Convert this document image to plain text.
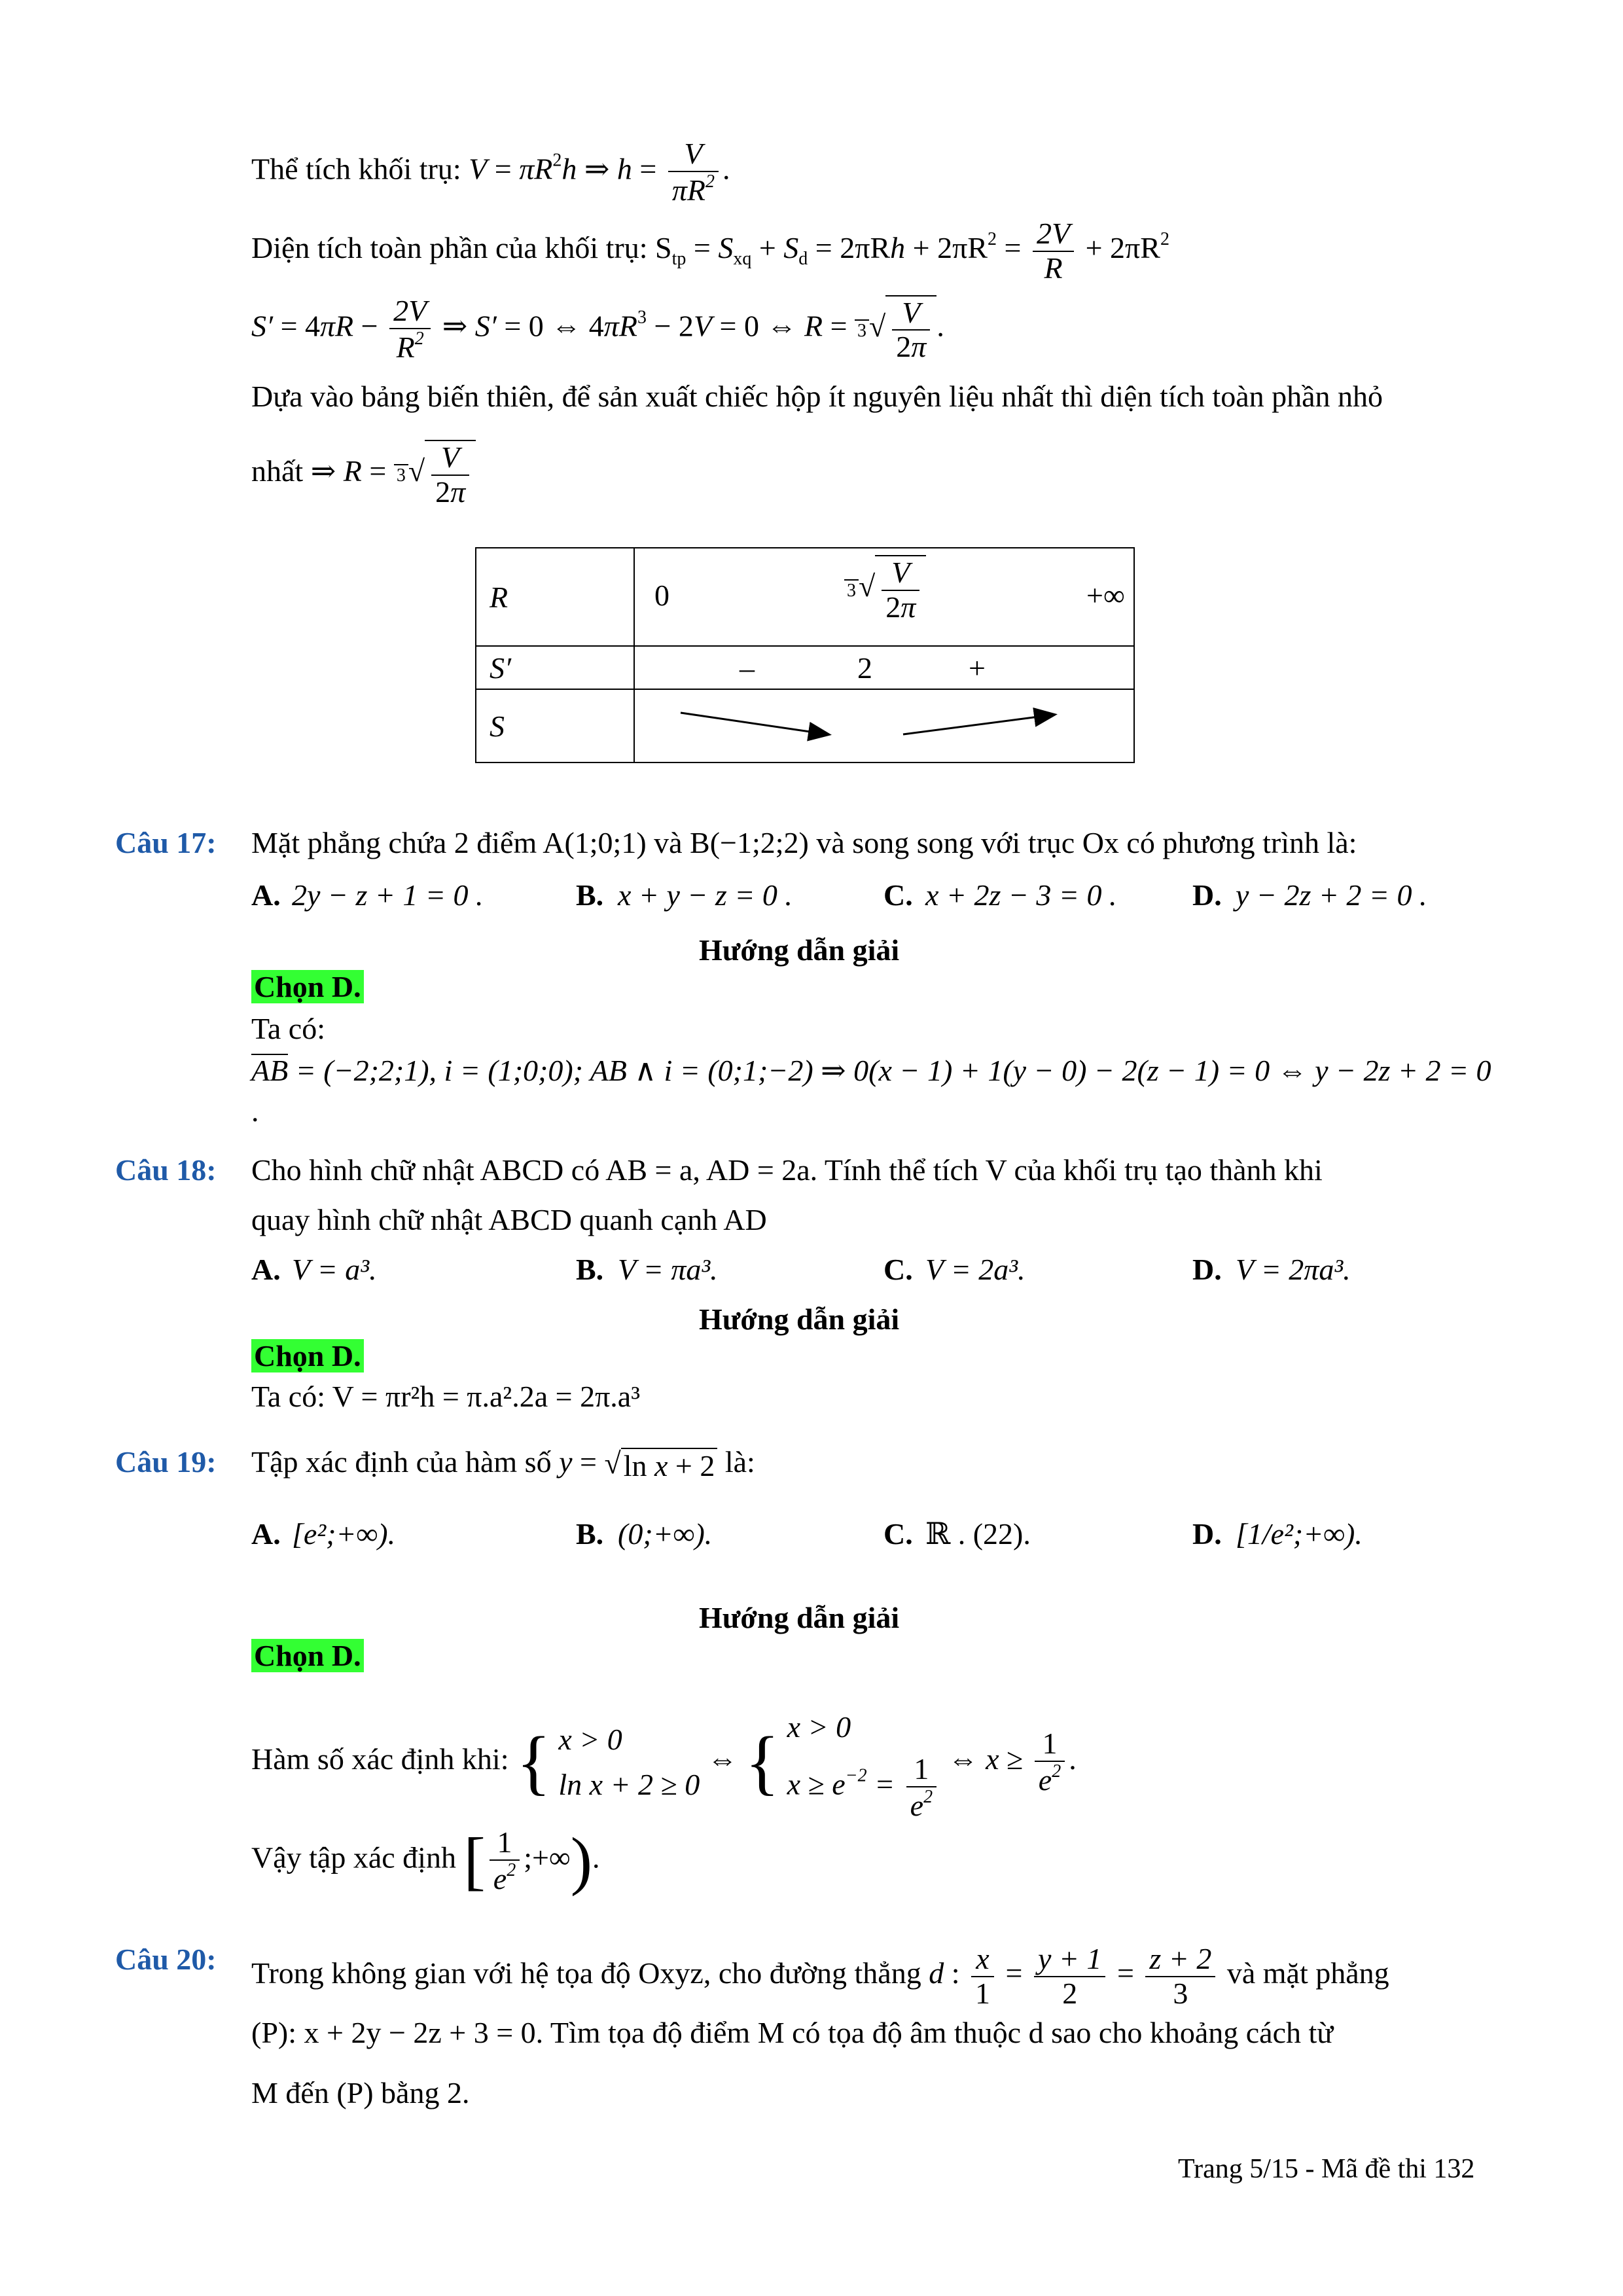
Thể tích khối trụ: $V = \pi R^2h$ ⇒ $h = \frac{V}{\pi R^2}$ .
Diện tích toàn phần của khối trụ: $S_{tp} = S_{xq} + S_d = 2\pi Rh + 2\pi R^2 = \frac{2V}{R} + 2\pi R^2$
$S' = 4\pi R - \frac{2V}{R^2}$ ⇒ S′ = 0 ⇔ $4\pi R^3 - 2V = 0$ ⇔ $R = 3√ \frac{V}{2\pi}$ .
Dựa vào bảng biến thiên, để sản xuất chiếc hộp ít nguyên liệu nhất thì diện tích toàn phần nhỏ
nhất ⇒ $R = 3√ \frac{V}{2\pi}$
R	0 $3√ \frac{V}{2\pi}$ +∞

S′	– 2 +

S	
Câu 17: Mặt phẳng chứa 2 điểm A(1;0;1) và B(−1;2;2) và song song với trục Ox có phương trình là:
A. 2y − z + 1 = 0 .	B. x + y − z = 0 .	C. x + 2z − 3 = 0 .	D. y − 2z + 2 = 0 .
Hướng dẫn giải
Chọn D.
Ta có:
AB = (−2;2;1), i = (1;0;0); AB ∧ i = (0;1;−2) ⇒ 0(x − 1) + 1(y − 0) − 2(z − 1) = 0 ⇔ y − 2z + 2 = 0
.
Câu 18: Cho hình chữ nhật ABCD có AB = a, AD = 2a. Tính thể tích V của khối trụ tạo thành khi
quay hình chữ nhật ABCD quanh cạnh AD
A. V = a³.	B. V = πa³.	C. V = 2a³.	D. V = 2πa³.
Hướng dẫn giải
Chọn D.
Ta có: V = πr²h = π.a².2a = 2π.a³
Câu 19: Tập xác định của hàm số y = √ln x + 2 là:
A. [e²;+∞).	B. (0;+∞).	C. ℝ . (22).	D. [1/e²;+∞).
Hướng dẫn giải
Chọn D.
Hàm số xác định khi: { x > 0
ln x + 2 ≥ 0 ⇔ { x > 0
$x \ge e^{-2} = \frac{1}{e^2}$ ⇔ $x \ge \frac{1}{e^2}$ .
Vậy tập xác định [ $\frac{1}{e^2}$ ;+∞).
Câu 20: Trong không gian với hệ tọa độ Oxyz, cho đường thẳng d : $\frac{x}{1} = \frac{y + 1}{2} = \frac{z + 2}{3}$ và mặt phẳng
(P): x + 2y − 2z + 3 = 0. Tìm tọa độ điểm M có tọa độ âm thuộc d sao cho khoảng cách từ
M đến (P) bằng 2.
Trang 5/15 - Mã đề thi 132
